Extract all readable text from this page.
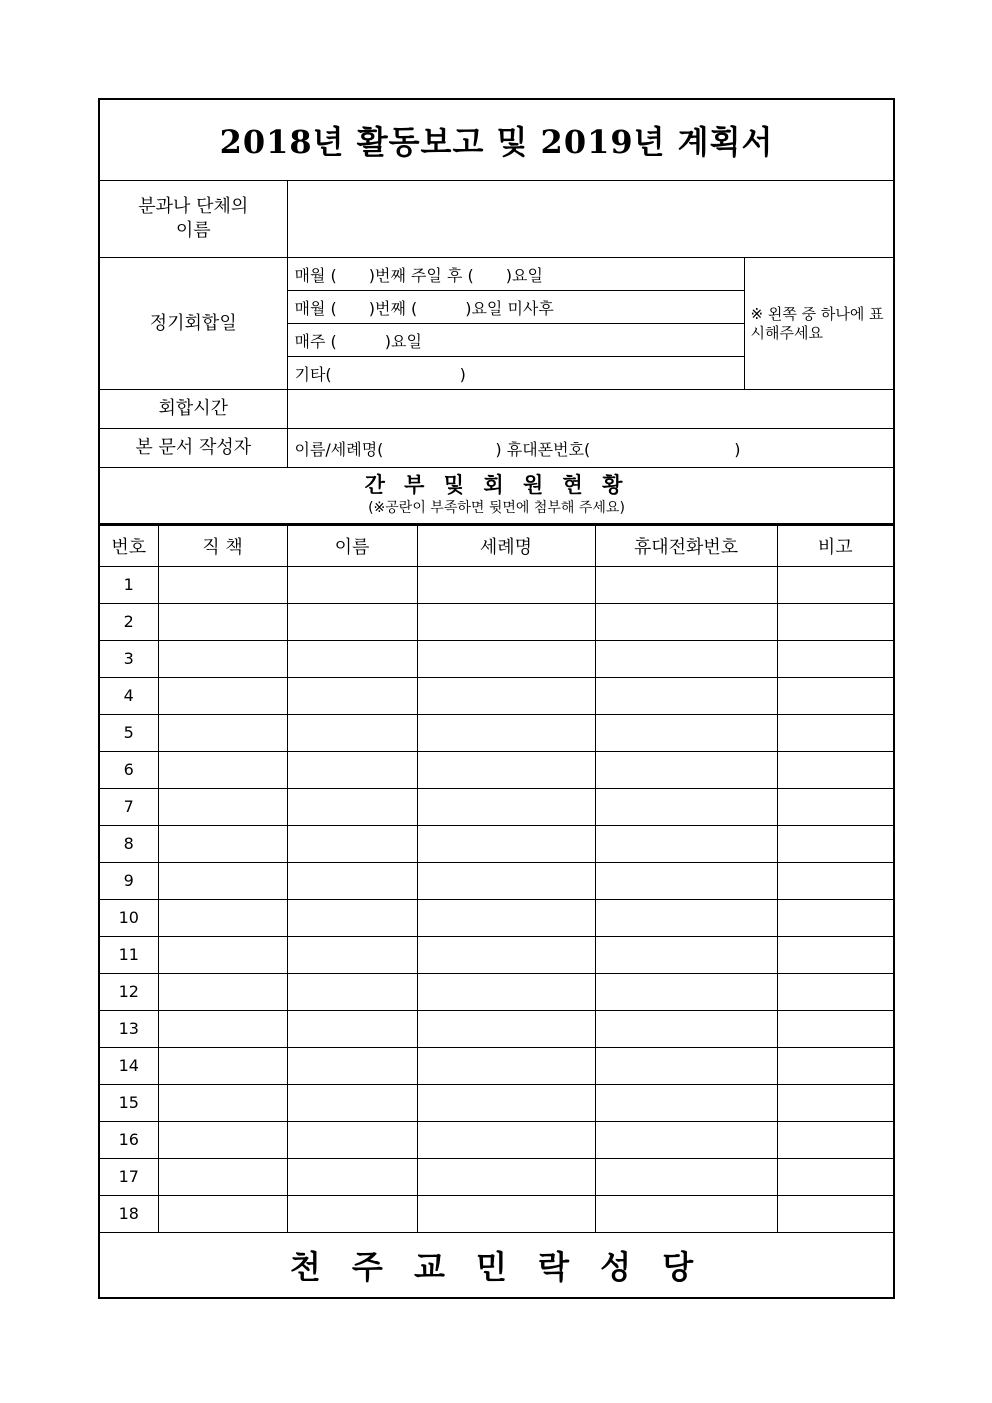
2018년 활동보고 및 2019년 계획서		
분과나 단체의
이름		
정기회합일	매월 (　　)번째 주일 후 (　　)요일	※ 왼쪽 중 하나에 표시해주세요
	매월 (　　)번째 (　　　)요일 미사후	
	매주 (　　　)요일	
	기타(　　　　　　　　)	
회합시간		
본 문서 작성자	이름/세례명(　　　　　　　) 휴대폰번호(　　　　　　　　　)	

간 부 및 회 원 현 황
(※공란이 부족하면 뒷면에 첨부해 주세요)		
번호	직 책	이름	세례명	휴대전화번호	비고
1					
2					
3					
4					
5					
6					
7					
8					
9					
10					
11					
12					
13					
14					
15					
16					
17					
18					
천 주 교 민 락 성 당					
